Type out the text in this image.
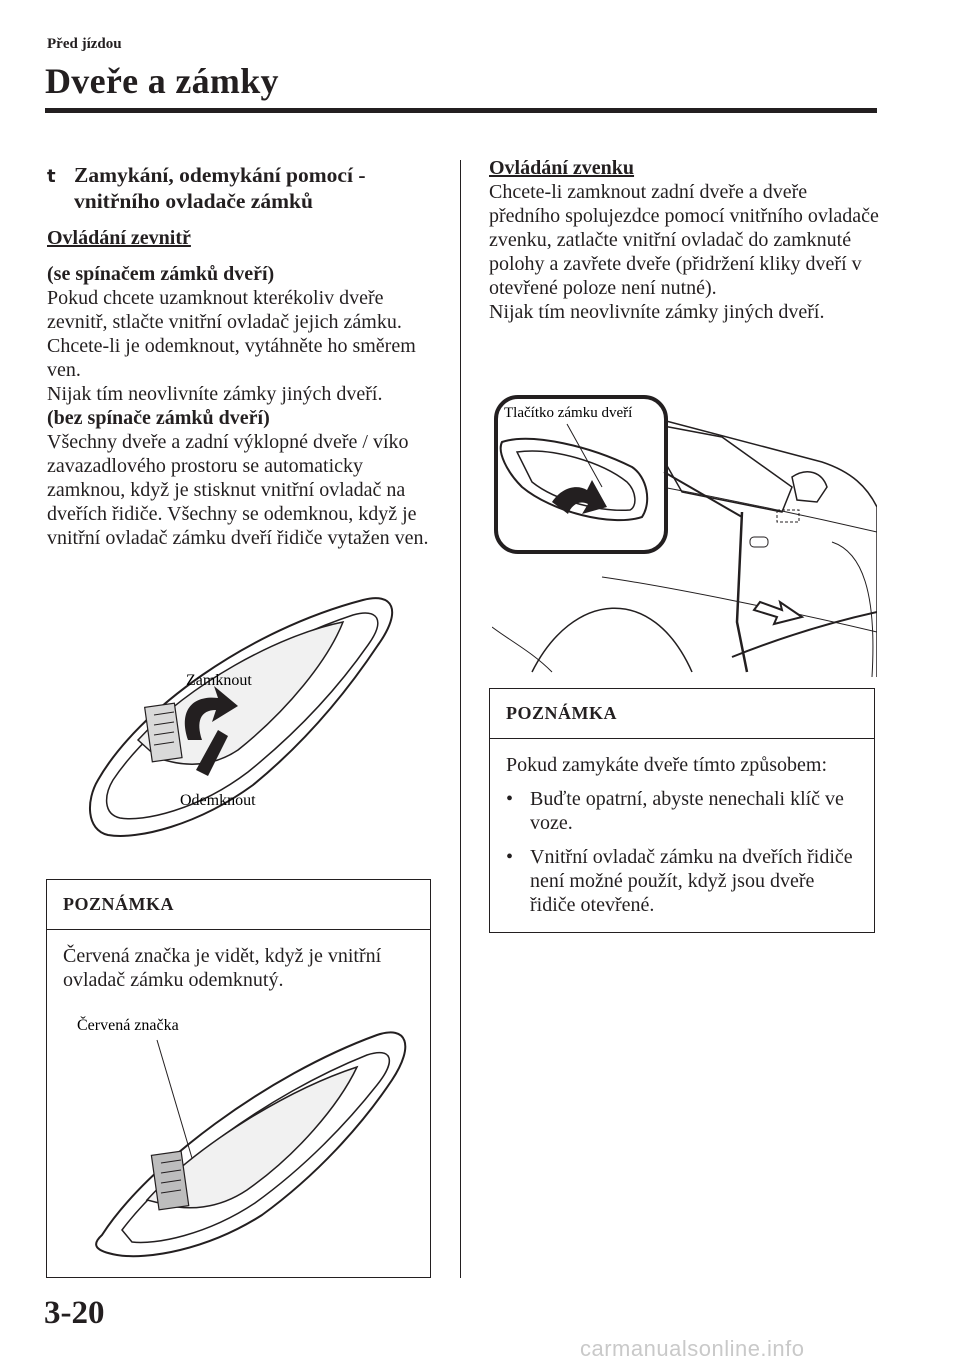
Před jízdou
Dveře a zámky
t Zamykání, odemykání pomocí - vnitřního ovladače zámků
Ovládání zevnitř
(se spínačem zámků dveří)

Pokud chcete uzamknout kterékoliv dveře zevnitř, stlačte vnitřní ovladač jejich zámku. Chcete-li je odemknout, vytáhněte ho směrem ven.

Nijak tím neovlivníte zámky jiných dveří.

(bez spínače zámků dveří)

Všechny dveře a zadní výklopné dveře / víko zavazadlového prostoru se automaticky zamknou, když je stisknut vnitřní ovladač na dveřích řidiče. Všechny se odemknou, když je vnitřní ovladač zámku dveří řidiče vytažen ven.

Zamknout
Odemknout
POZNÁMKA
Červená značka je vidět, když je vnitřní ovladač zámku odemknutý.
Červená značka
Ovládání zvenku

Chcete-li zamknout zadní dveře a dveře předního spolujezdce pomocí vnitřního ovladače zvenku, zatlačte vnitřní ovladač do zamknuté polohy a zavřete dveře (přidržení kliky dveří v otevřené poloze není nutné).

Nijak tím neovlivníte zámky jiných dveří.

Tlačítko zámku dveří
POZNÁMKA
Pokud zamykáte dveře tímto způsobem:
• Buďte opatrní, abyste nenechali klíč ve voze.
• Vnitřní ovladač zámku na dveřích řidiče není možné použít, když jsou dveře řidiče otevřené.
3-20
carmanualsonline.info
